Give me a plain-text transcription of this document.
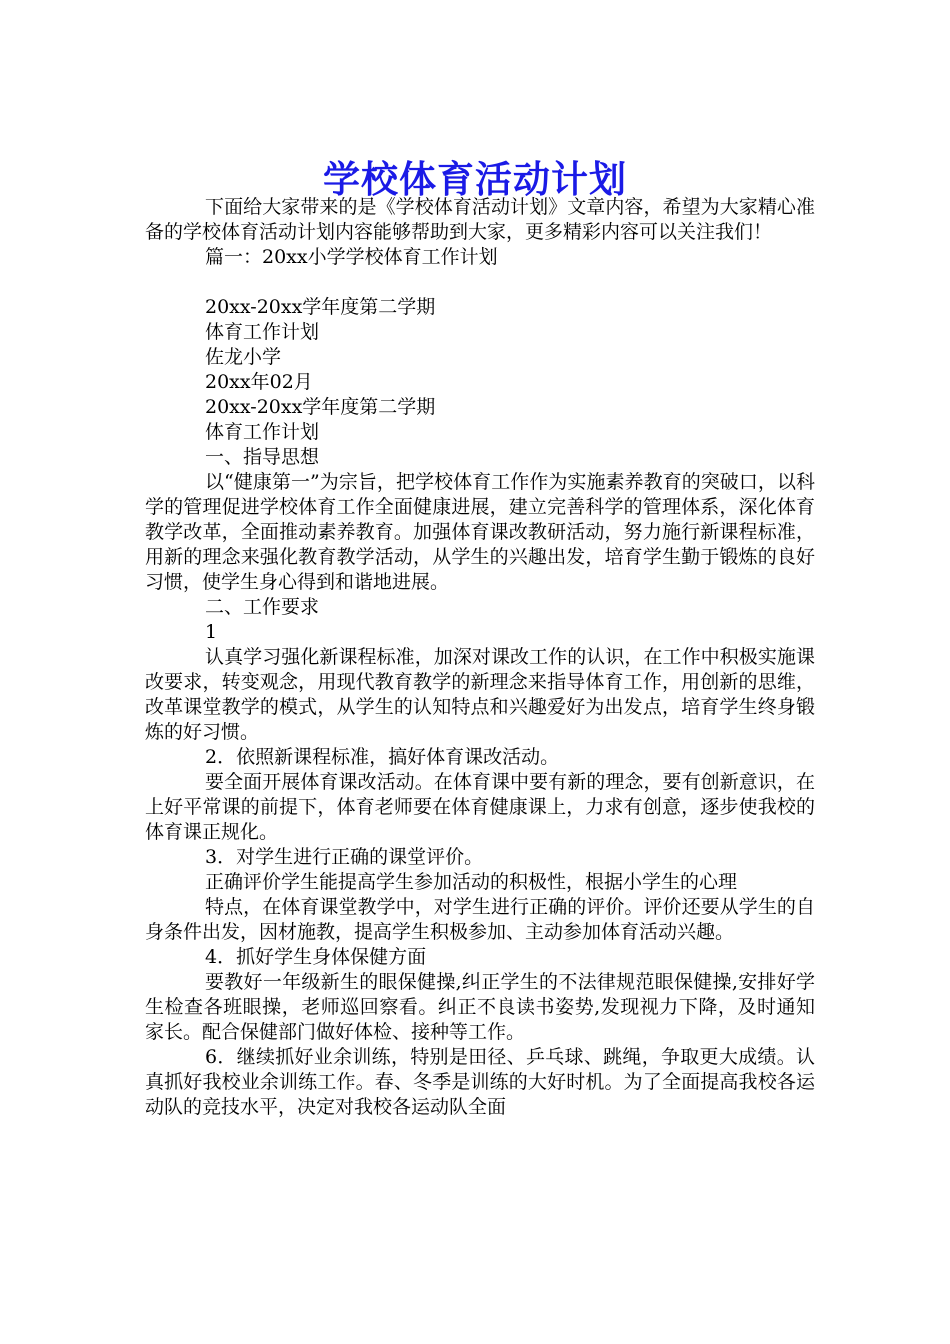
学校体育活动计划

下面给大家带来的是《学校体育活动计划》文章内容，希望为大家精心准备的学校体育活动计划内容能够帮助到大家，更多精彩内容可以关注我们！

篇一：20xx小学学校体育工作计划

20xx-20xx学年度第二学期

体育工作计划

佐龙小学

20xx年02月

20xx-20xx学年度第二学期

体育工作计划

一、指导思想

以“健康第一”为宗旨，把学校体育工作作为实施素养教育的突破口，以科学的管理促进学校体育工作全面健康进展，建立完善科学的管理体系，深化体育教学改革，全面推动素养教育。加强体育课改教研活动，努力施行新课程标准，用新的理念来强化教育教学活动，从学生的兴趣出发，培育学生勤于锻炼的良好习惯，使学生身心得到和谐地进展。

二、工作要求

1

认真学习强化新课程标准，加深对课改工作的认识，在工作中积极实施课改要求，转变观念，用现代教育教学的新理念来指导体育工作，用创新的思维，改革课堂教学的模式，从学生的认知特点和兴趣爱好为出发点，培育学生终身锻炼的好习惯。

2．依照新课程标准，搞好体育课改活动。

要全面开展体育课改活动。在体育课中要有新的理念，要有创新意识，在上好平常课的前提下，体育老师要在体育健康课上，力求有创意，逐步使我校的体育课正规化。

3．对学生进行正确的课堂评价。

正确评价学生能提高学生参加活动的积极性，根据小学生的心理

特点，在体育课堂教学中，对学生进行正确的评价。评价还要从学生的自身条件出发，因材施教，提高学生积极参加、主动参加体育活动兴趣。

4．抓好学生身体保健方面

要教好一年级新生的眼保健操,纠正学生的不法律规范眼保健操,安排好学生检查各班眼操，老师巡回察看。纠正不良读书姿势,发现视力下降，及时通知家长。配合保健部门做好体检、接种等工作。

6．继续抓好业余训练，特别是田径、乒乓球、跳绳，争取更大成绩。认真抓好我校业余训练工作。春、冬季是训练的大好时机。为了全面提高我校各运动队的竞技水平，决定对我校各运动队全面
